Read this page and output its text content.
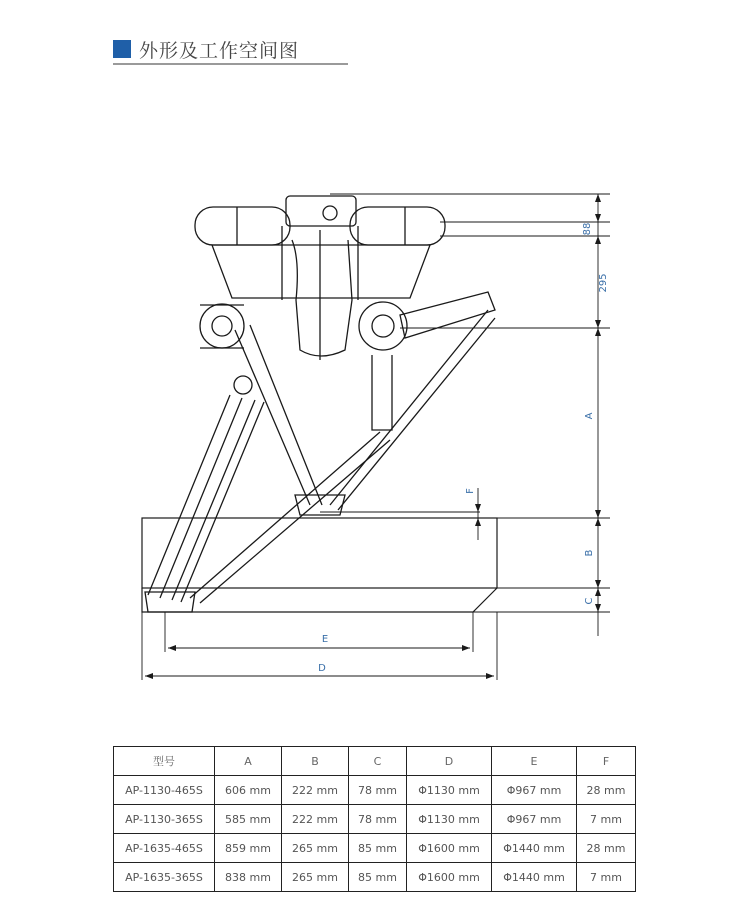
外形及工作空间图
88
295
A
B
C
F
E
D
型号	A	B	C	D	E	F
AP-1130-465S	606 mm	222 mm	78 mm	Φ1130 mm	Φ967 mm	28 mm
AP-1130-365S	585 mm	222 mm	78 mm	Φ1130 mm	Φ967 mm	7 mm
AP-1635-465S	859 mm	265 mm	85 mm	Φ1600 mm	Φ1440 mm	28 mm
AP-1635-365S	838 mm	265 mm	85 mm	Φ1600 mm	Φ1440 mm	7 mm
